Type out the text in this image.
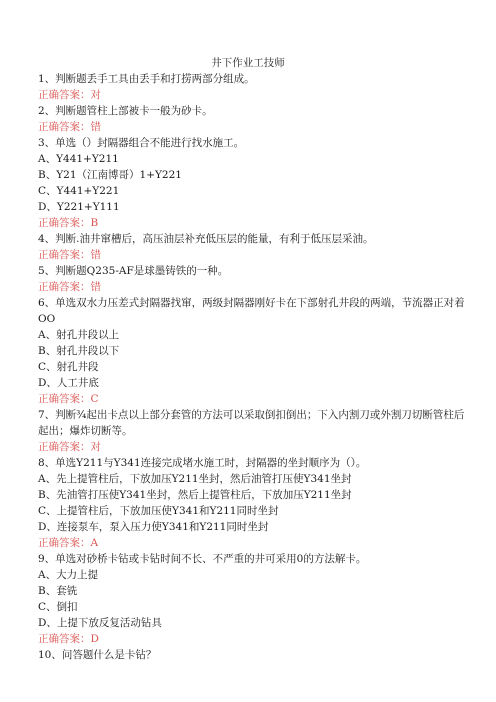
井下作业工技师
1、判断题丢手工具由丢手和打捞两部分组成。
正确答案：对
2、判断题管柱上部被卡一般为砂卡。
正确答案：错
3、单选（）封隔器组合不能进行找水施工。
A、Y441+Y211
B、Y21（江南博哥）1+Y221
C、Y441+Y221
D、Y221+Y111
正确答案：B
4、判断.油井窜槽后，高压油层补充低压层的能量，有利于低压层采油。
正确答案：错
5、判断题Q235-AF是球墨铸铁的一种。
正确答案：错
6、单选双水力压差式封隔器找窜，两级封隔器刚好卡在下部射孔井段的两端，节流器正对着OO
A、射孔井段以上
B、射孔井段以下
C、射孔井段
D、人工井底
正确答案：C
7、判断¾起出卡点以上部分套管的方法可以采取倒扣倒出；下入内割刀或外割刀切断管柱后起出；爆炸切断等。
正确答案：对
8、单选Y211与Y341连接完成堵水施工时，封隔器的坐封顺序为（）。
A、先上提管柱后，下放加压Y211坐封，然后油管打压使Y341坐封
B、先油管打压使Y341坐封，然后上提管柱后，下放加压Y211坐封
C、上提管柱后，下放加压使Y341和Y211同时坐封
D、连接泵车，泵入压力使Y341和Y211同时坐封
正确答案：A
9、单选对砂桥卡钻或卡钻时间不长、不严重的井可采用0的方法解卡。
A、大力上提
B、套铣
C、倒扣
D、上提下放反复活动钻具
正确答案：D
10、问答题什么是卡钻？
